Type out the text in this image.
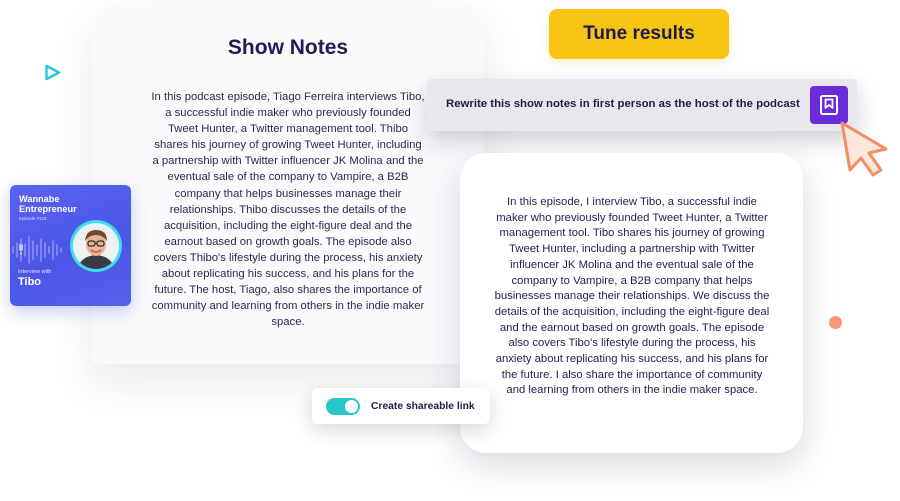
Show Notes
In this podcast episode, Tiago Ferreira interviews Tibo, a successful indie maker who previously founded Tweet Hunter, a Twitter management tool. Thibo shares his journey of growing Tweet Hunter, including a partnership with Twitter influencer JK Molina and the eventual sale of the company to Vampire, a B2B company that helps businesses manage their relationships. Thibo discusses the details of the acquisition, including the eight-figure deal and the earnout based on growth goals. The episode also covers Thibo's lifestyle during the process, his anxiety about replicating his success, and his plans for the future. The host, Tiago, also shares the importance of community and learning from others in the indie maker space.
Tune results
Rewrite this show notes in first person as the host of the podcast
In this episode, I interview Tibo, a successful indie maker who previously founded Tweet Hunter, a Twitter management tool. Tibo shares his journey of growing Tweet Hunter, including a partnership with Twitter influencer JK Molina and the eventual sale of the company to Vampire, a B2B company that helps businesses manage their relationships. We discuss the details of the acquisition, including the eight-figure deal and the earnout based on growth goals. The episode also covers Tibo's lifestyle during the process, his anxiety about replicating his success, and his plans for the future. I also share the importance of community and learning from others in the indie maker space.
Wannabe Entrepreneur
Episode #123
Interview with
Tibo
Create shareable link
